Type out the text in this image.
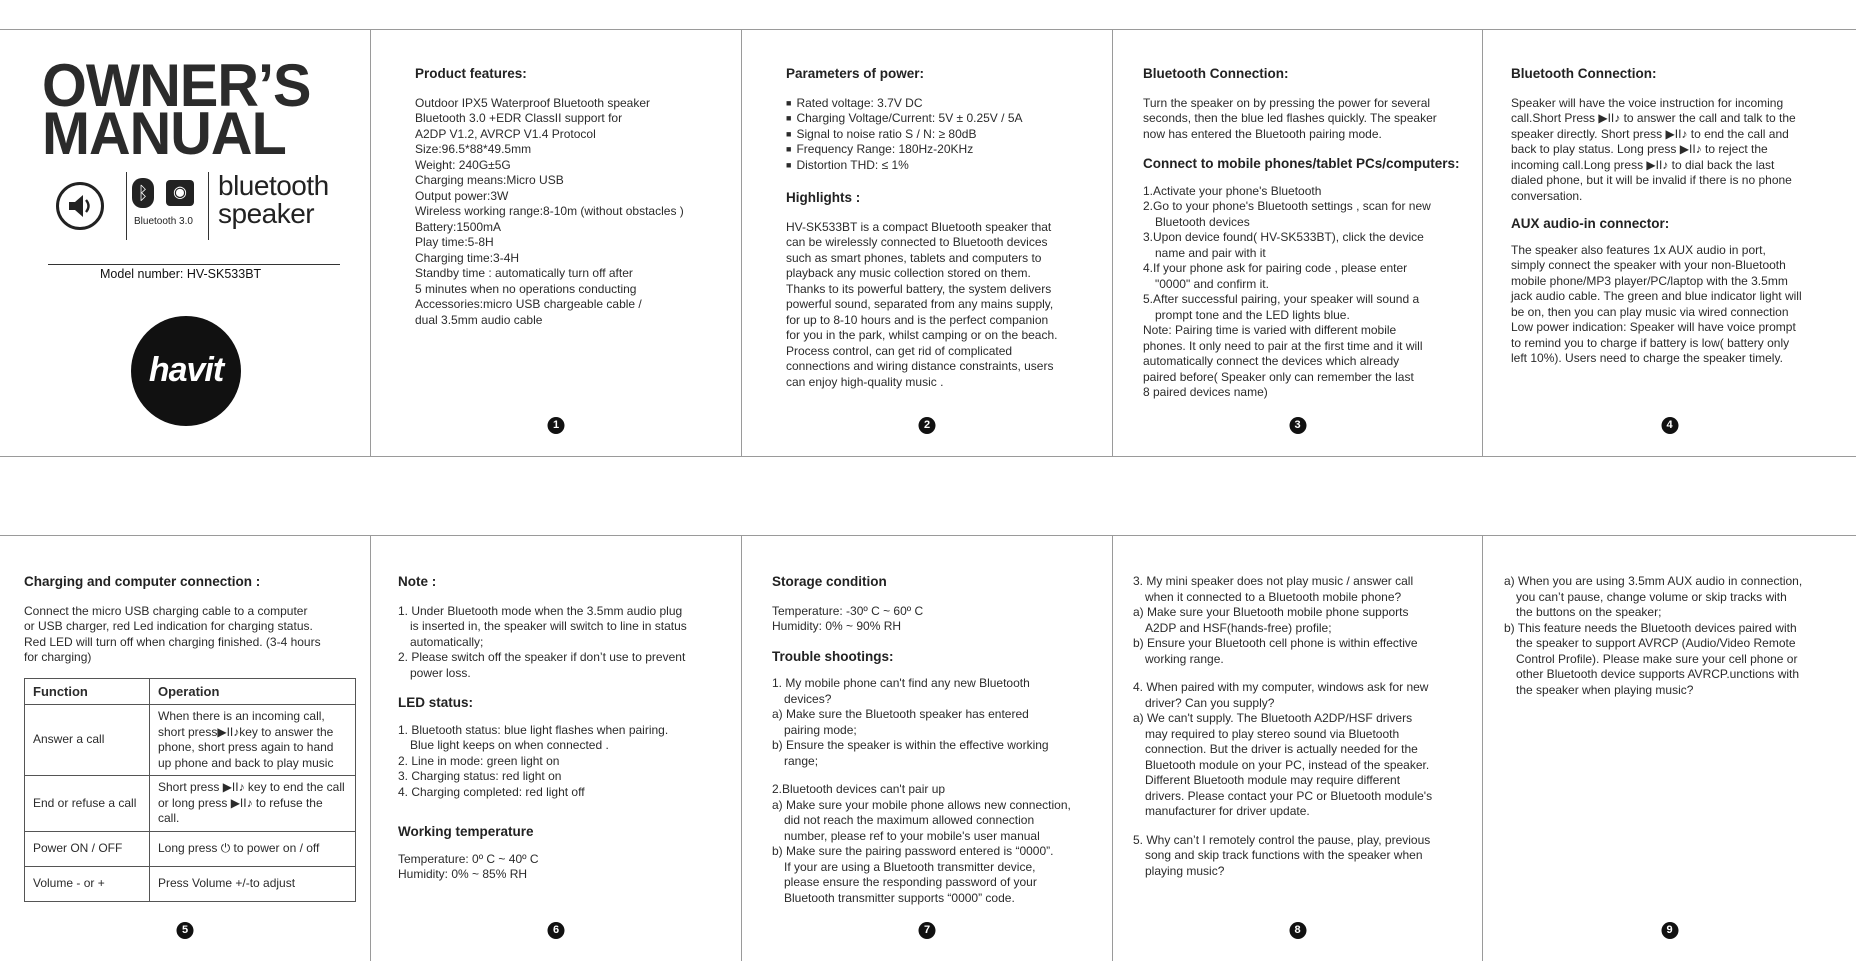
OWNER’S
MANUAL
ᛒ	◉
Bluetooth 3.0
bluetooth
speaker
Model number: HV-SK533BT
havit
Product features:

Outdoor IPX5 Waterproof Bluetooth speaker

Bluetooth 3.0 +EDR ClassII support for

A2DP V1.2, AVRCP V1.4 Protocol

Size:96.5*88*49.5mm

Weight: 240G±5G

Charging means:Micro USB

Output power:3W

Wireless working range:8-10m (without obstacles )

Battery:1500mA

Play time:5-8H

Charging time:3-4H

Standby time : automatically turn off after

5 minutes when no operations conducting

Accessories:micro USB chargeable cable /

dual 3.5mm audio cable

1
Parameters of power:
■ Rated voltage: 3.7V DC
■ Charging Voltage/Current: 5V ± 0.25V / 5A
■ Signal to noise ratio S / N: ≥ 80dB
■ Frequency Range: 180Hz-20KHz
■ Distortion THD: ≤ 1%
Highlights :

HV-SK533BT is a compact Bluetooth speaker that

can be wirelessly connected to Bluetooth devices

such as smart phones, tablets and computers to

playback any music collection stored on them.

Thanks to its powerful battery, the system delivers

powerful sound, separated from any mains supply,

for up to 8-10 hours and is the perfect companion

for you in the park, whilst camping or on the beach.

Process control, can get rid of complicated

connections and wiring distance constraints, users

can enjoy high-quality music .

2
Bluetooth Connection:

Turn the speaker on by pressing the power for several

seconds, then the blue led flashes quickly. The speaker

now has entered the Bluetooth pairing mode.

Connect to mobile phones/tablet PCs/computers:

1.Activate your phone's Bluetooth

2.Go to your phone's Bluetooth settings , scan for new

Bluetooth devices

3.Upon device found( HV-SK533BT), click the device

name and pair with it

4.If your phone ask for pairing code , please enter

"0000" and confirm it.

5.After successful pairing, your speaker will sound a

prompt tone and the LED lights blue.

Note: Pairing time is varied with different mobile

phones. It only need to pair at the first time and it will

automatically connect the devices which already

paired before( Speaker only can remember the last

8 paired devices name)

3
Bluetooth Connection:

Speaker will have the voice instruction for incoming

call.Short Press ▶II♪ to answer the call and talk to the

speaker directly. Short press ▶II♪ to end the call and

back to play status. Long press ▶II♪ to reject the

incoming call.Long press ▶II♪ to dial back the last

dialed phone, but it will be invalid if there is no phone

conversation.

AUX audio-in connector:

The speaker also features 1x AUX audio in port,

simply connect the speaker with your non-Bluetooth

mobile phone/MP3 player/PC/laptop with the 3.5mm

jack audio cable. The green and blue indicator light will

be on, then you can play music via wired connection

Low power indication: Speaker will have voice prompt

to remind you to charge if battery is low( battery only

left 10%). Users need to charge the speaker timely.

4
Charging and computer connection :

Connect the micro USB charging cable to a computer

or USB charger, red Led indication for charging status.

Red LED will turn off when charging finished. (3-4 hours

for charging)

Function	Operation
Answer a call	When there is an incoming call, short press▶II♪key to answer the phone, short press again to hand up phone and back to play music
End or refuse a call	Short press ▶II♪ key to end the call or long press ▶II♪ to refuse the call.
Power ON / OFF	Long press ⏻ to power on / off
Volume - or +	Press Volume +/-to adjust
5
Note :

1. Under Bluetooth mode when the 3.5mm audio plug

is inserted in, the speaker will switch to line in status

automatically;

2. Please switch off the speaker if don’t use to prevent

power loss.

LED status:

1. Bluetooth status: blue light flashes when pairing.

Blue light keeps on when connected .

2. Line in mode: green light on

3. Charging status: red light on

4. Charging completed: red light off

Working temperature

Temperature: 0º C ~ 40º C

Humidity: 0% ~ 85% RH

6
Storage condition

Temperature: -30º C ~ 60º C

Humidity: 0% ~ 90% RH

Trouble shootings:

1. My mobile phone can't find any new Bluetooth

devices?

a) Make sure the Bluetooth speaker has entered

pairing mode;

b) Ensure the speaker is within the effective working

range;

2.Bluetooth devices can't pair up

a) Make sure your mobile phone allows new connection,

did not reach the maximum allowed connection

number, please ref to your mobile's user manual

b) Make sure the pairing password entered is “0000”.

If your are using a Bluetooth transmitter device,

please ensure the responding password of your

Bluetooth transmitter supports “0000” code.

7

3. My mini speaker does not play music / answer call

when it connected to a Bluetooth mobile phone?

a) Make sure your Bluetooth mobile phone supports

A2DP and HSF(hands-free) profile;

b) Ensure your Bluetooth cell phone is within effective

working range.

4. When paired with my computer, windows ask for new

driver? Can you supply?

a) We can't supply. The Bluetooth A2DP/HSF drivers

may required to play stereo sound via Bluetooth

connection. But the driver is actually needed for the

Bluetooth module on your PC, instead of the speaker.

Different Bluetooth module may require different

drivers. Please contact your PC or Bluetooth module's

manufacturer for driver update.

5. Why can’t I remotely control the pause, play, previous

song and skip track functions with the speaker when

playing music?

8

a) When you are using 3.5mm AUX audio in connection,

you can’t pause, change volume or skip tracks with

the buttons on the speaker;

b) This feature needs the Bluetooth devices paired with

the speaker to support AVRCP (Audio/Video Remote

Control Profile). Please make sure your cell phone or

other Bluetooth device supports AVRCP.unctions with

the speaker when playing music?

9
